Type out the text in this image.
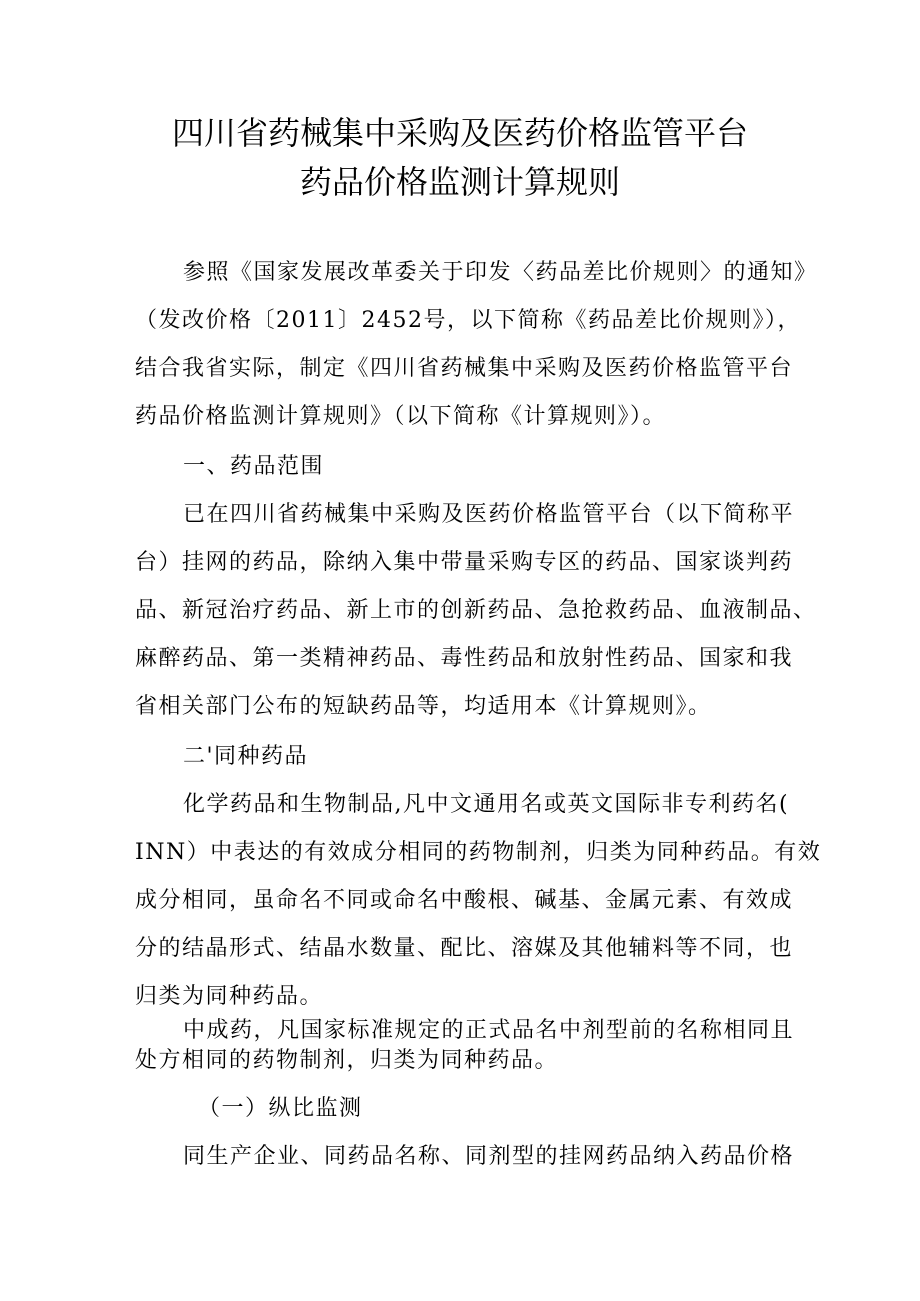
四川省药械集中采购及医药价格监管平台
药品价格监测计算规则
参照《国家发展改革委关于印发〈药品差比价规则〉的通知》
（发改价格〔2011〕2452号，以下简称《药品差比价规则》），
结合我省实际，制定《四川省药械集中采购及医药价格监管平台
药品价格监测计算规则》（以下简称《计算规则》）。
一、药品范围
已在四川省药械集中采购及医药价格监管平台（以下简称平
台）挂网的药品，除纳入集中带量采购专区的药品、国家谈判药
品、新冠治疗药品、新上市的创新药品、急抢救药品、血液制品、
麻醉药品、第一类精神药品、毒性药品和放射性药品、国家和我
省相关部门公布的短缺药品等，均适用本《计算规则》。
二'同种药品
化学药品和生物制品,凡中文通用名或英文国际非专利药名(
INN）中表达的有效成分相同的药物制剂，归类为同种药品。有效
成分相同，虽命名不同或命名中酸根、碱基、金属元素、有效成
分的结晶形式、结晶水数量、配比、溶媒及其他辅料等不同，也
归类为同种药品。
中成药，凡国家标准规定的正式品名中剂型前的名称相同且
处方相同的药物制剂，归类为同种药品。
（一）纵比监测
同生产企业、同药品名称、同剂型的挂网药品纳入药品价格
